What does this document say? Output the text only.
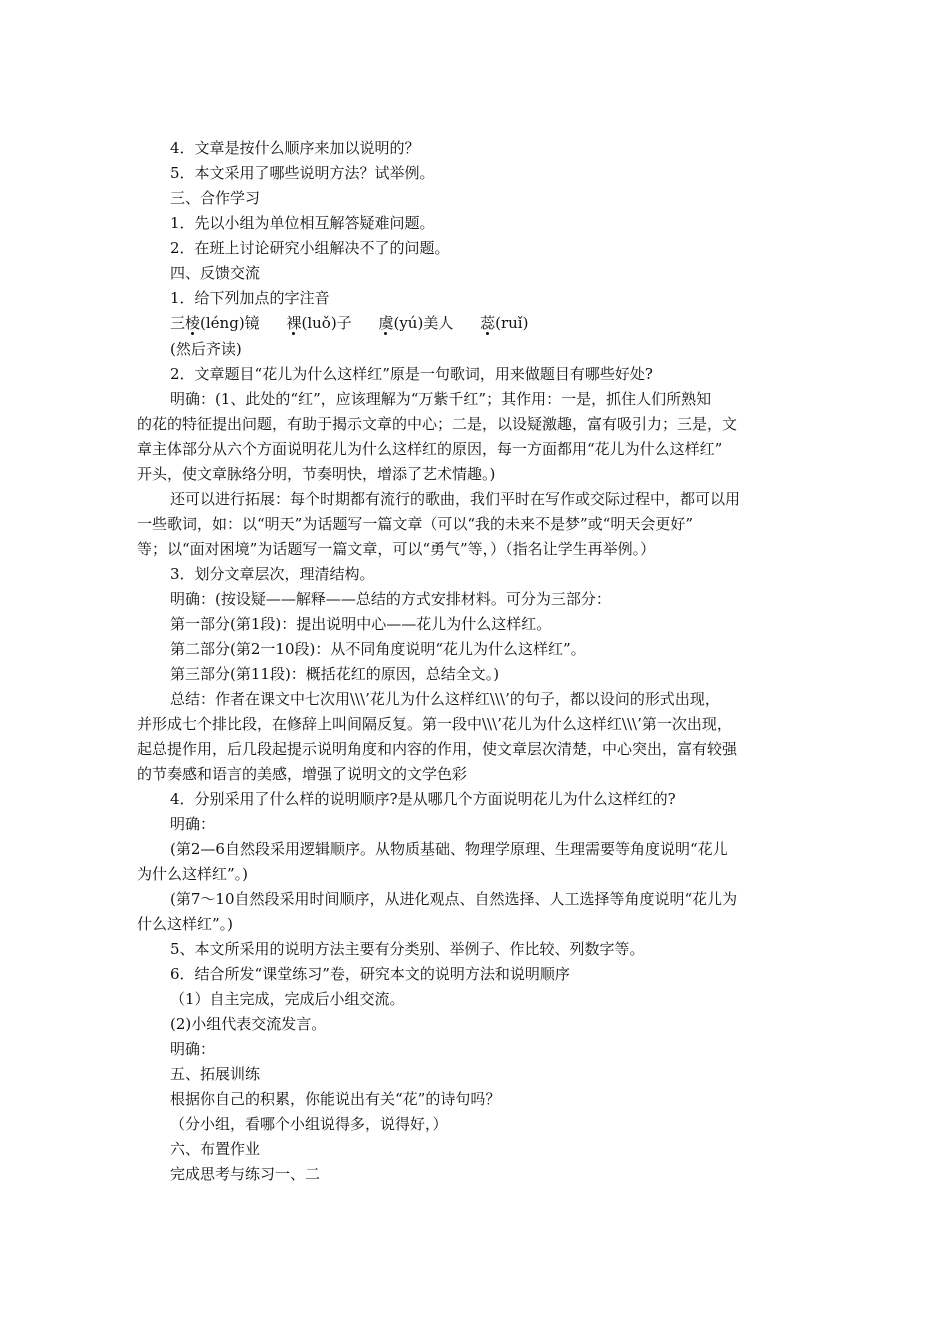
4．文章是按什么顺序来加以说明的？
5．本文采用了哪些说明方法？试举例。
三、合作学习
1．先以小组为单位相互解答疑难问题。
2．在班上讨论研究小组解决不了的问题。
四、反馈交流
1．给下列加点的字注音
三棱(léng)镜 裸(luǒ)子 虞(yú)美人 蕊(ruǐ)
(然后齐读)
2．文章题目“花儿为什么这样红”原是一句歌词，用来做题目有哪些好处?
明确：(1、此处的“红”，应该理解为“万紫千红”；其作用：一是，抓住人们所熟知
的花的特征提出问题，有助于揭示文章的中心；二是，以设疑激趣，富有吸引力；三是，文
章主体部分从六个方面说明花儿为什么这样红的原因，每一方面都用“花儿为什么这样红”
开头，使文章脉络分明，节奏明快，增添了艺术情趣。)
还可以进行拓展：每个时期都有流行的歌曲，我们平时在写作或交际过程中，都可以用
一些歌词，如：以“明天”为话题写一篇文章（可以“我的未来不是梦”或“明天会更好”
等；以“面对困境”为话题写一篇文章，可以“勇气”等，）（指名让学生再举例。）
3．划分文章层次，理清结构。
明确：(按设疑——解释——总结的方式安排材料。可分为三部分：
第一部分(第1段)：提出说明中心——花儿为什么这样红。
第二部分(第2一10段)：从不同角度说明“花儿为什么这样红”。
第三部分(第11段)：概括花红的原因，总结全文。)
总结：作者在课文中七次用\\\’花儿为什么这样红\\\’的句子，都以设问的形式出现，
并形成七个排比段，在修辞上叫间隔反复。第一段中\\\’花儿为什么这样红\\\’第一次出现，
起总提作用，后几段起提示说明角度和内容的作用，使文章层次清楚，中心突出，富有较强
的节奏感和语言的美感，增强了说明文的文学色彩
4．分别采用了什么样的说明顺序?是从哪几个方面说明花儿为什么这样红的?
明确：
(第2—6自然段采用逻辑顺序。从物质基础、物理学原理、生理需要等角度说明“花儿
为什么这样红”。)
(第7～10自然段采用时间顺序，从进化观点、自然选择、人工选择等角度说明“花儿为
什么这样红”。)
5、本文所采用的说明方法主要有分类别、举例子、作比较、列数字等。
6．结合所发“课堂练习”卷，研究本文的说明方法和说明顺序
（1）自主完成，完成后小组交流。
(2)小组代表交流发言。
明确：
五、拓展训练
根据你自己的积累，你能说出有关“花”的诗句吗？
（分小组，看哪个小组说得多，说得好，）
六、布置作业
完成思考与练习一、二
